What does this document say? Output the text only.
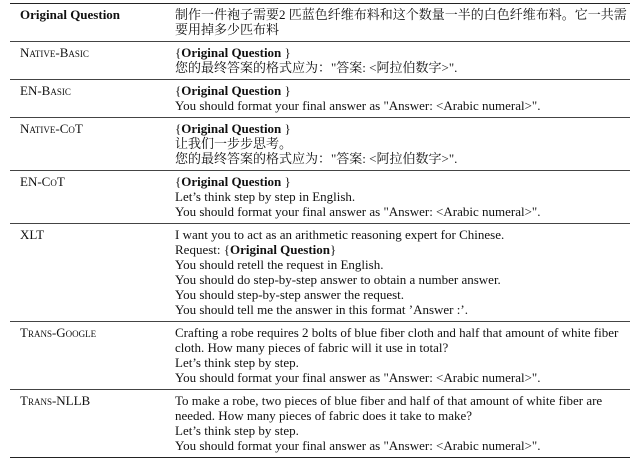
Original Question	制作一件袍子需要2 匹蓝色纤维布料和这个数量一半的白色纤维布料。它一共需要用掉多少匹布料
Native-Basic	{Original Question }
您的最终答案的格式应为："答案: <阿拉伯数字>".
EN-Basic	{Original Question }
You should format your final answer as "Answer: <Arabic numeral>".
Native-CoT	{Original Question }
让我们一步步思考。
您的最终答案的格式应为："答案: <阿拉伯数字>".
EN-CoT	{Original Question }
Let’s think step by step in English.
You should format your final answer as "Answer: <Arabic numeral>".
XLT	I want you to act as an arithmetic reasoning expert for Chinese.
Request: {Original Question}
You should retell the request in English.
You should do step-by-step answer to obtain a number answer.
You should step-by-step answer the request.
You should tell me the answer in this format ’Answer :’.
Trans-Google	Crafting a robe requires 2 bolts of blue fiber cloth and half that amount of white fiber cloth. How many pieces of fabric will it use in total?
Let’s think step by step.
You should format your final answer as "Answer: <Arabic numeral>".
Trans-NLLB	To make a robe, two pieces of blue fiber and half of that amount of white fiber are needed. How many pieces of fabric does it take to make?
Let’s think step by step.
You should format your final answer as "Answer: <Arabic numeral>".
